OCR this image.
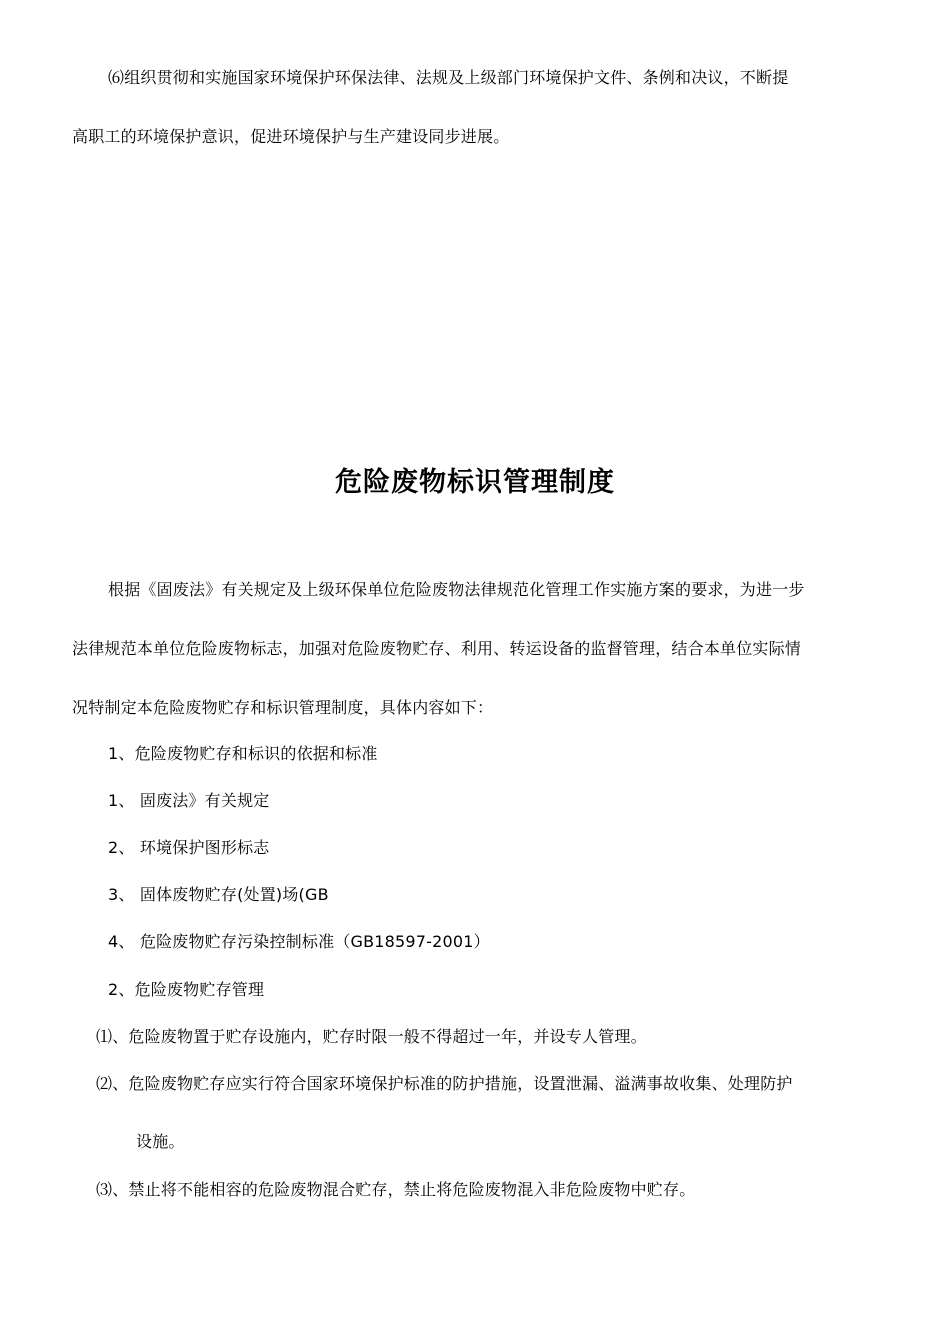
⑹组织贯彻和实施国家环境保护环保法律、法规及上级部门环境保护文件、条例和决议，不断提
高职工的环境保护意识，促进环境保护与生产建设同步进展。
危险废物标识管理制度
根据《固废法》有关规定及上级环保单位危险废物法律规范化管理工作实施方案的要求，为进一步
法律规范本单位危险废物标志，加强对危险废物贮存、利用、转运设备的监督管理，结合本单位实际情
况特制定本危险废物贮存和标识管理制度，具体内容如下：
1、危险废物贮存和标识的依据和标准
1、 固废法》有关规定
2、 环境保护图形标志
3、 固体废物贮存(处置)场(GB
4、 危险废物贮存污染控制标准（GB18597-2001）
2、危险废物贮存管理
⑴、危险废物置于贮存设施内，贮存时限一般不得超过一年，并设专人管理。
⑵、危险废物贮存应实行符合国家环境保护标准的防护措施，设置泄漏、溢满事故收集、处理防护
设施。
⑶、禁止将不能相容的危险废物混合贮存，禁止将危险废物混入非危险废物中贮存。
